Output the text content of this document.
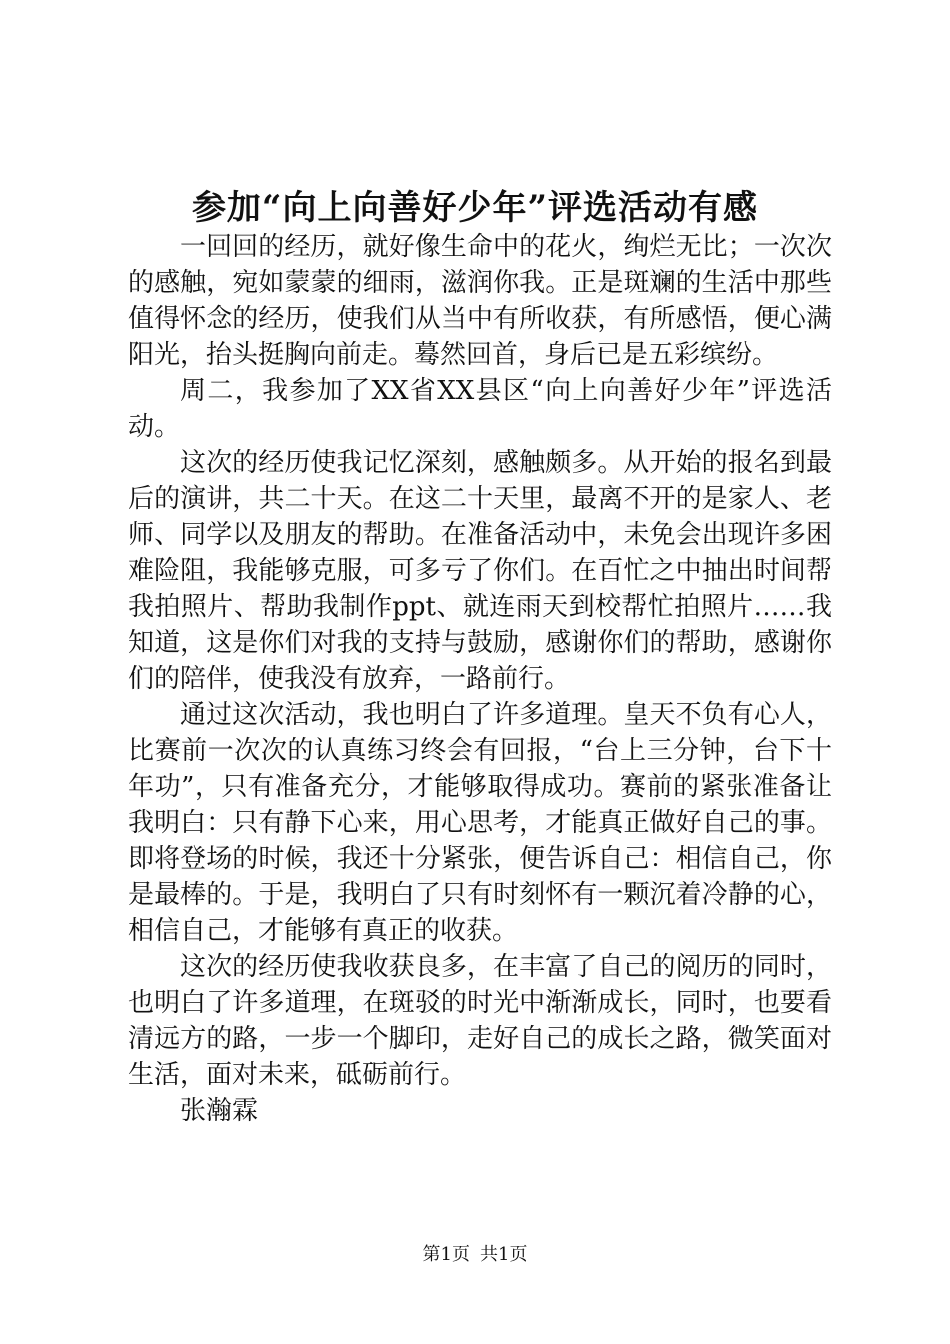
参加“向上向善好少年”评选活动有感

一回回的经历，就好像生命中的花火，绚烂无比；一次次的感触，宛如蒙蒙的细雨，滋润你我。正是斑斓的生活中那些值得怀念的经历，使我们从当中有所收获，有所感悟，便心满阳光，抬头挺胸向前走。蓦然回首，身后已是五彩缤纷。

周二，我参加了XX省XX县区“向上向善好少年”评选活动。

这次的经历使我记忆深刻，感触颇多。从开始的报名到最后的演讲，共二十天。在这二十天里，最离不开的是家人、老师、同学以及朋友的帮助。在准备活动中，未免会出现许多困难险阻，我能够克服，可多亏了你们。在百忙之中抽出时间帮我拍照片、帮助我制作ppt、就连雨天到校帮忙拍照片……我知道，这是你们对我的支持与鼓励，感谢你们的帮助，感谢你们的陪伴，使我没有放弃，一路前行。

通过这次活动，我也明白了许多道理。皇天不负有心人，比赛前一次次的认真练习终会有回报，“台上三分钟，台下十年功”，只有准备充分，才能够取得成功。赛前的紧张准备让我明白：只有静下心来，用心思考，才能真正做好自己的事。即将登场的时候，我还十分紧张，便告诉自己：相信自己，你是最棒的。于是，我明白了只有时刻怀有一颗沉着冷静的心，相信自己，才能够有真正的收获。

这次的经历使我收获良多，在丰富了自己的阅历的同时，也明白了许多道理，在斑驳的时光中渐渐成长，同时，也要看清远方的路，一步一个脚印，走好自己的成长之路，微笑面对生活，面对未来，砥砺前行。

张瀚霖

第1页 共1页
